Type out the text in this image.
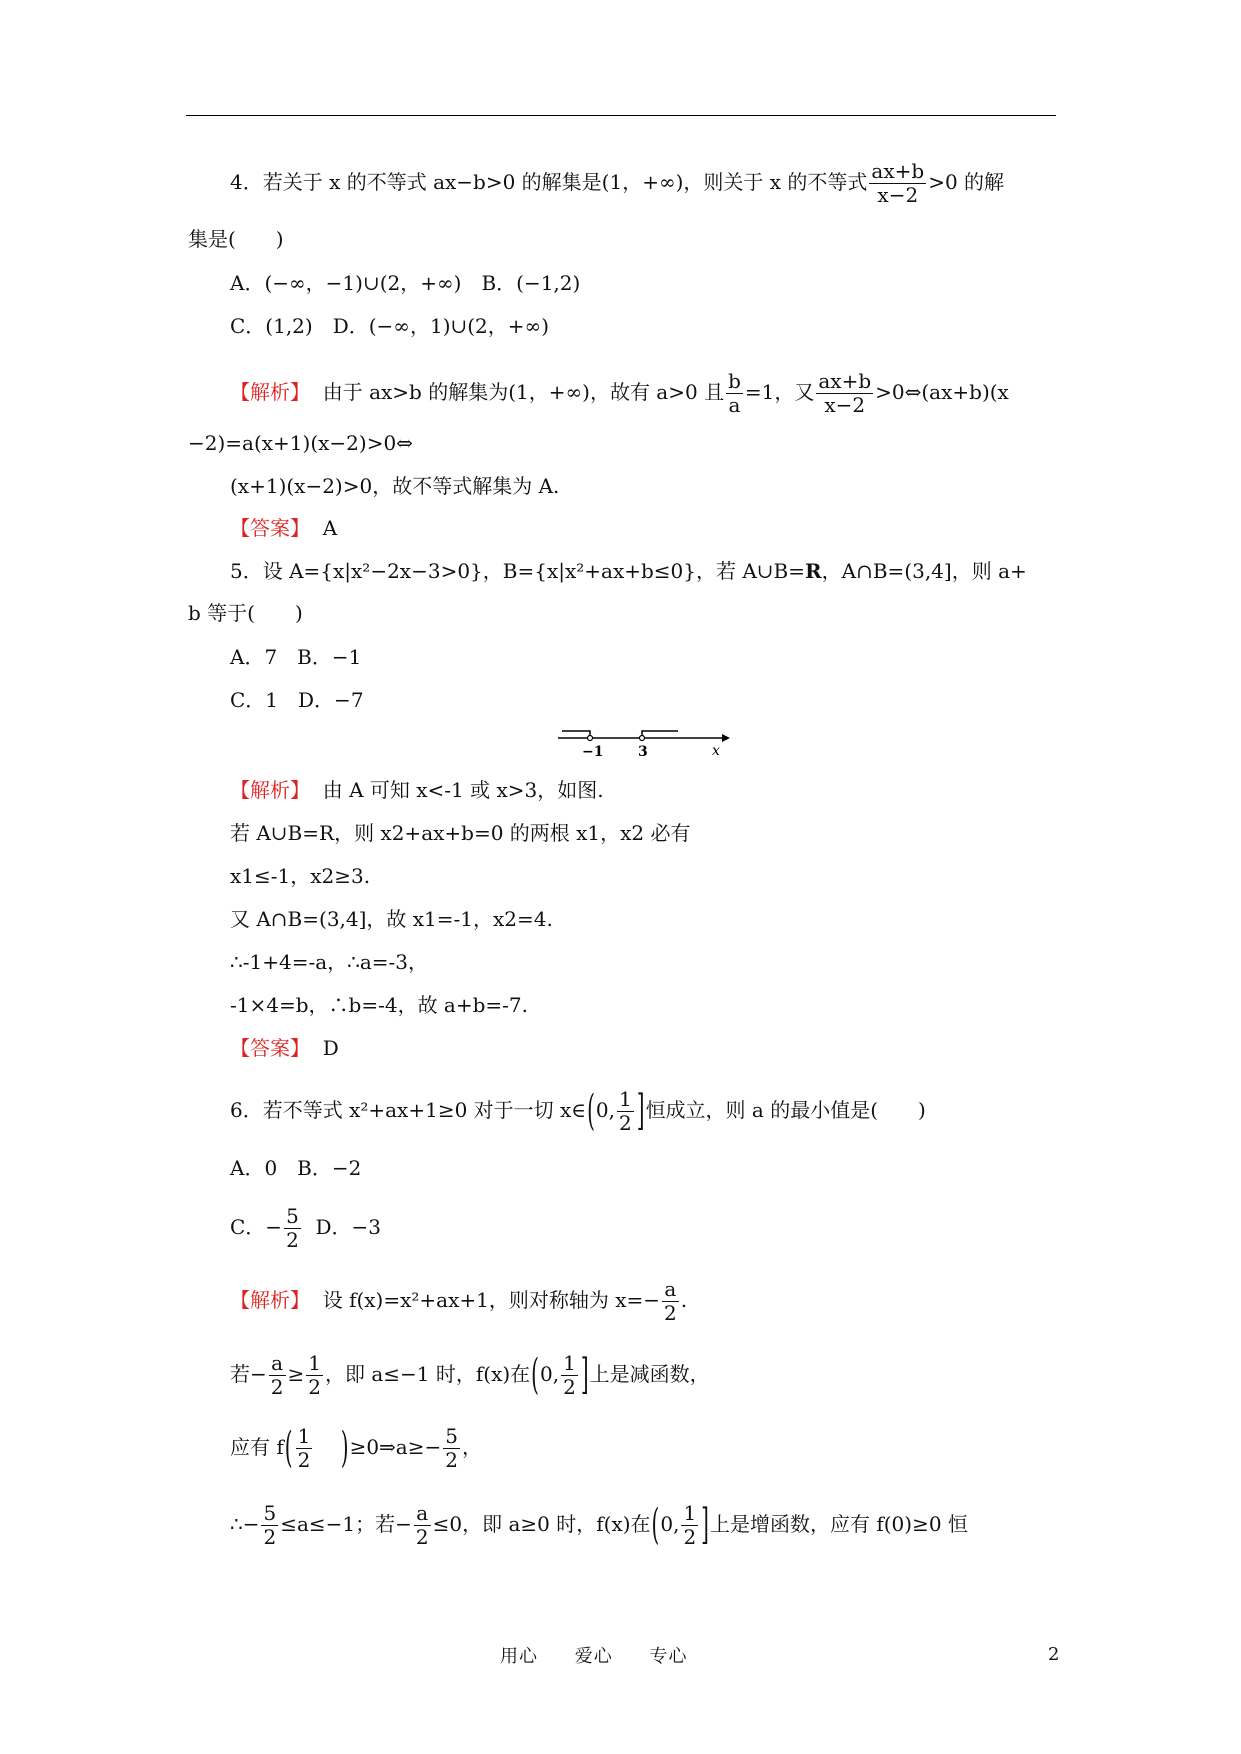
4．若关于 x 的不等式 ax−b>0 的解集是(1，+∞)，则关于 x 的不等式 $\frac{ax+b}{x-2} >0$ 的解
集是(　　)
A．(−∞，−1)∪(2，+∞)　B．(−1,2)
C．(1,2)　D．(−∞，1)∪(2，+∞)
【解析】 由于 ax>b 的解集为(1，+∞)，故有 a>0 且 $\frac{b}{a} =1$，又 $\frac{ax+b}{x-2}$ >0⇔(ax+b)(x
−2)=a(x+1)(x−2)>0⇔
(x+1)(x−2)>0，故不等式解集为 A.
【答案】 A
5．设 A={x|x²−2x−3>0}，B={x|x²+ax+b≤0}，若 A∪B=R，A∩B=(3,4]，则 a+
b 等于(　　)
A．7　B．−1
C．1　D．−7
−1 3	x
【解析】 由 A 可知 x<-1 或 x>3，如图.
若 A∪B=R，则 x2+ax+b=0 的两根 x1，x2 必有
x1≤-1，x2≥3.
又 A∩B=(3,4]，故 x1=-1，x2=4.
∴-1+4=-a，∴a=-3，
-1×4=b，∴b=-4，故 a+b=-7.
【答案】 D
6．若不等式 x²+ax+1≥0 对于一切 x∈(0, $\frac{1}{2}$ ]恒成立，则 a 的最小值是(　　)
A．0　B．−2
C．− $\frac{5}{2}$ D．−3
【解析】 设 f(x)=x²+ax+1，则对称轴为 $x=- \frac{a}{2}$ .
若− $\frac{a}{2} \ge \frac{1}{2}$ ，即 a≤−1 时，f(x)在(0, $\frac{1}{2}$ ]上是减函数，
应有 $f( \frac{1}{2}$ )≥0⇒a≥− $\frac{5}{2}$ ，
∴− $\frac{5}{2} \le a\le-1$；若− $\frac{a}{2} \le 0$，即 a≥0 时，f(x)在(0, $\frac{1}{2}$ ]上是增函数，应有 f(0)≥0 恒
用心 爱心 专心	2
